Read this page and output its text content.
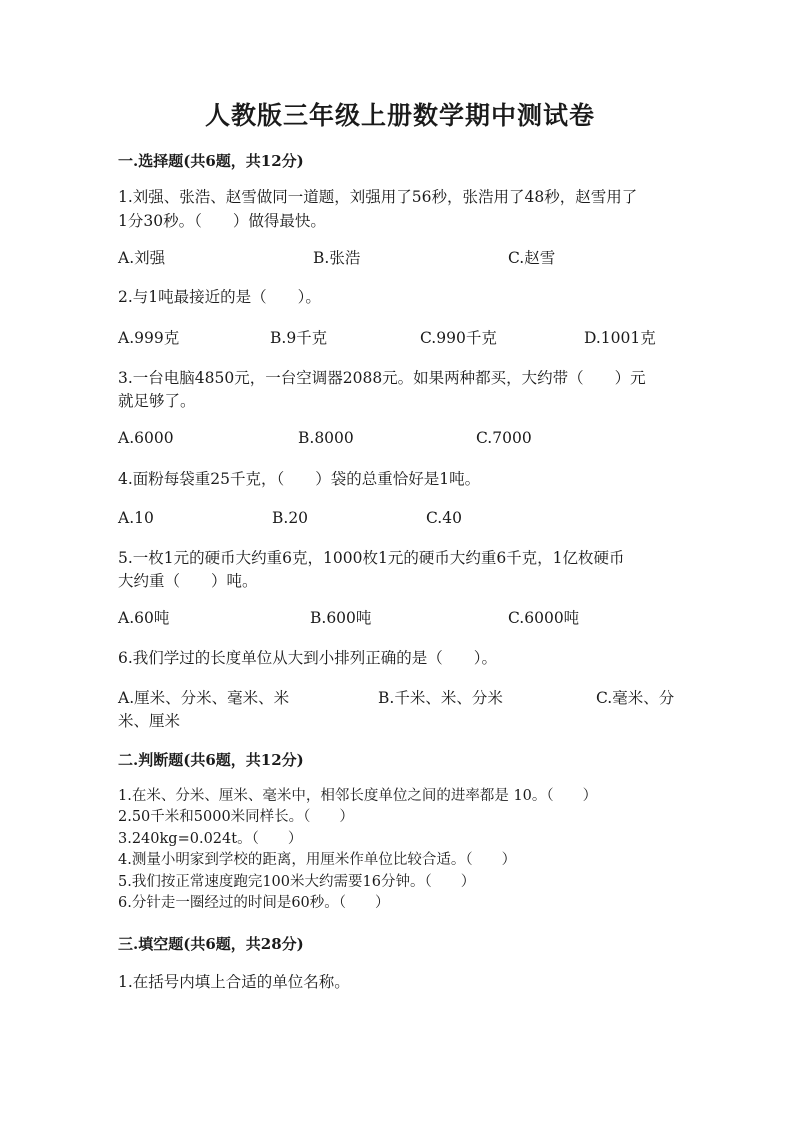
人教版三年级上册数学期中测试卷
一.选择题(共6题，共12分)
1.刘强、张浩、赵雪做同一道题，刘强用了56秒，张浩用了48秒，赵雪用了
1分30秒。（　　）做得最快。
A.刘强	B.张浩	C.赵雪
2.与1吨最接近的是（　　）。
A.999克	B.9千克	C.990千克	D.1001克
3.一台电脑4850元，一台空调器2088元。如果两种都买，大约带（　　）元
就足够了。
A.6000	B.8000	C.7000
4.面粉每袋重25千克，（　　）袋的总重恰好是1吨。
A.10	B.20	C.40
5.一枚1元的硬币大约重6克，1000枚1元的硬币大约重6千克，1亿枚硬币
大约重（　　）吨。
A.60吨	B.600吨	C.6000吨
6.我们学过的长度单位从大到小排列正确的是（　　）。
A.厘米、分米、毫米、米	B.千米、米、分米	C.毫米、分
米、厘米
二.判断题(共6题，共12分)
1.在米、分米、厘米、毫米中，相邻长度单位之间的进率都是 10。（　　）
2.50千米和5000米同样长。（　　）
3.240kg=0.024t。（　　）
4.测量小明家到学校的距离，用厘米作单位比较合适。（　　）
5.我们按正常速度跑完100米大约需要16分钟。（　　）
6.分针走一圈经过的时间是60秒。（　　）
三.填空题(共6题，共28分)
1.在括号内填上合适的单位名称。
